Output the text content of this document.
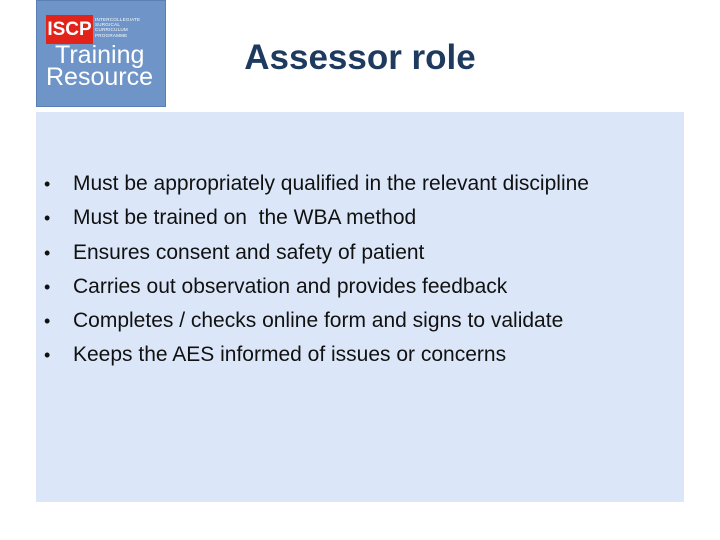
ISCP INTERCOLLEGIATE
SURGICAL
CURRICULUM
PROGRAMME
Training
Resource	Assessor role
•	Must be appropriately qualified in the relevant discipline
•	Must be trained on  the WBA method
•	Ensures consent and safety of patient
•	Carries out observation and provides feedback
•	Completes / checks online form and signs to validate
•	Keeps the AES informed of issues or concerns
